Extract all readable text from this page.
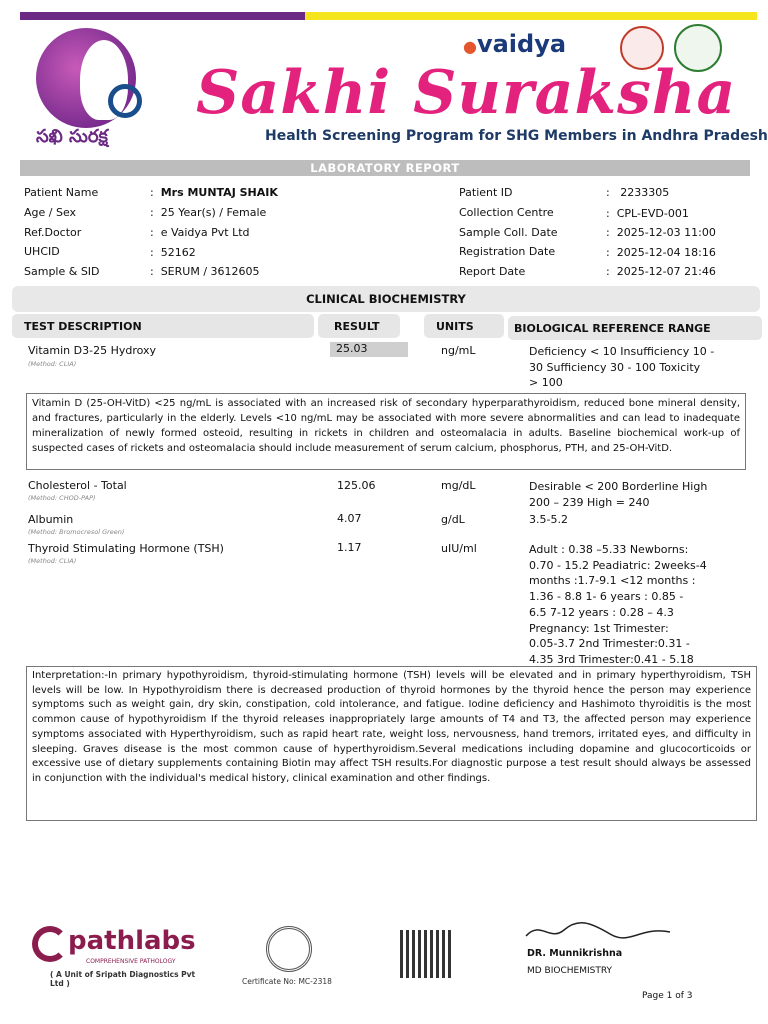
సఖి సురక్ష
●vaidya
Sakhi Suraksha
Health Screening Program for SHG Members in Andhra Pradesh
LABORATORY REPORT
Patient Name	:  Mrs MUNTAJ SHAIK
Age / Sex	:  25 Year(s) / Female
Ref.Doctor	:  e Vaidya Pvt Ltd
UHCID	:  52162
Sample & SID	:  SERUM / 3612605
Patient ID	:   2233305
Collection Centre	:  CPL-EVD-001
Sample Coll. Date	:  2025-12-03 11:00
Registration Date	:  2025-12-04 18:16
Report Date	:  2025-12-07 21:46
CLINICAL BIOCHEMISTRY
TEST DESCRIPTION	RESULT	UNITS	BIOLOGICAL REFERENCE RANGE
Vitamin D3-25 Hydroxy
(Method: CLIA)
25.03	ng/mL	Deficiency < 10 Insufficiency 10 -
30 Sufficiency 30 - 100 Toxicity
> 100
Vitamin D (25-OH-VitD) <25 ng/mL is associated with an increased risk of secondary hyperparathyroidism, reduced bone mineral density, and fractures, particularly in the elderly. Levels <10 ng/mL may be associated with more severe abnormalities and can lead to inadequate mineralization of newly formed osteoid, resulting in rickets in children and osteomalacia in adults. Baseline biochemical work-up of suspected cases of rickets and osteomalacia should include measurement of serum calcium, phosphorus, PTH, and 25-OH-VitD.
Cholesterol - Total
(Method: CHOD-PAP)
125.06	mg/dL	Desirable < 200 Borderline High
200 – 239 High = 240
Albumin
(Method: Bromocresol Green)
4.07	g/dL	3.5-5.2
Thyroid Stimulating Hormone (TSH)
(Method: CLIA)
1.17	uIU/ml	Adult : 0.38 –5.33 Newborns:
0.70 - 15.2 Peadiatric: 2weeks-4
months :1.7-9.1 <12 months :
1.36 - 8.8 1- 6 years : 0.85 -
6.5 7-12 years : 0.28 – 4.3
Pregnancy: 1st Trimester:
0.05-3.7 2nd Trimester:0.31 -
4.35 3rd Trimester:0.41 - 5.18
Interpretation:-In primary hypothyroidism, thyroid-stimulating hormone (TSH) levels will be elevated and in primary hyperthyroidism, TSH levels will be low. In Hypothyroidism there is decreased production of thyroid hormones by the thyroid hence the person may experience symptoms such as weight gain, dry skin, constipation, cold intolerance, and fatigue. Iodine deficiency and Hashimoto thyroiditis is the most common cause of hypothyroidism If the thyroid releases inappropriately large amounts of T4 and T3, the affected person may experience symptoms associated with Hyperthyroidism, such as rapid heart rate, weight loss, nervousness, hand tremors, irritated eyes, and difficulty in sleeping. Graves disease is the most common cause of hyperthyroidism.Several medications including dopamine and glucocorticoids or excessive use of dietary supplements containing Biotin may affect TSH results.For diagnostic purpose a test result should always be assessed in conjunction with the individual's medical history, clinical examination and other findings.
pathlabs
COMPREHENSIVE PATHOLOGY
( A Unit of Sripath Diagnostics Pvt Ltd )	Certificate No: MC-2318
DR. Munnikrishna
MD BIOCHEMISTRY
Page 1 of 3
